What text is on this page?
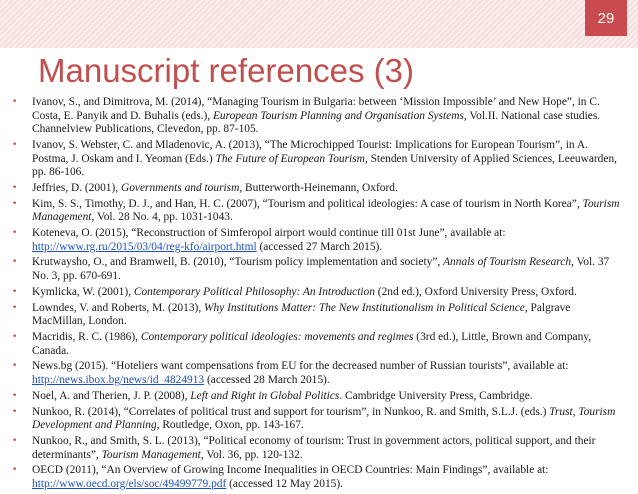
29
Manuscript references (3)
•
Ivanov, S., and Dimitrova, M. (2014), “Managing Tourism in Bulgaria: between ‘Mission Impossible’ and New Hope”, in C. Costa, E. Panyik and D. Buhalis (eds.), European Tourism Planning and Organisation Systems, Vol.II. National case studies. Channelview Publications, Clevedon, pp. 87-105.
•
Ivanov, S. Webster, C. and Mladenovic, A. (2013), “The Microchipped Tourist: Implications for European Tourism”, in A. Postma, J. Oskam and I. Yeoman (Eds.) The Future of European Tourism, Stenden University of Applied Sciences, Leeuwarden, pp. 86-106.
•
Jeffries, D. (2001), Governments and tourism, Butterworth-Heinemann, Oxford.
•
Kim, S. S., Timothy, D. J., and Han, H. C. (2007), “Tourism and political ideologies: A case of tourism in North Korea”, Tourism Management, Vol. 28 No. 4, pp. 1031-1043.
•
Koteneva, O. (2015), “Reconstruction of Simferopol airport would continue till 01st June”, available at: http://www.rg.ru/2015/03/04/reg-kfo/airport.html (accessed 27 March 2015).
•
Krutwaysho, O., and Bramwell, B. (2010), “Tourism policy implementation and society”, Annals of Tourism Research, Vol. 37 No. 3, pp. 670-691.
•
Kymlicka, W. (2001), Contemporary Political Philosophy: An Introduction (2nd ed.), Oxford University Press, Oxford.
•
Lowndes, V. and Roberts, M. (2013), Why Institutions Matter: The New Institutionalism in Political Science, Palgrave MacMillan, London.
•
Macridis, R. C. (1986), Contemporary political ideologies: movements and regimes (3rd ed.), Little, Brown and Company, Canada.
•
News.bg (2015). “Hoteliers want compensations from EU for the decreased number of Russian tourists”, available at: http://news.ibox.bg/news/id_4824913 (accessed 28 March 2015).
•
Noel, A. and Therien, J. P. (2008), Left and Right in Global Politics. Cambridge University Press, Cambridge.
•
Nunkoo, R. (2014), “Correlates of political trust and support for tourism”, in Nunkoo, R. and Smith, S.L.J. (eds.) Trust, Tourism Development and Planning, Routledge, Oxon, pp. 143-167.
•
Nunkoo, R., and Smith, S. L. (2013), “Political economy of tourism: Trust in government actors, political support, and their determinants”, Tourism Management, Vol. 36, pp. 120-132.
•
OECD (2011), “An Overview of Growing Income Inequalities in OECD Countries: Main Findings”, available at: http://www.oecd.org/els/soc/49499779.pdf (accessed 12 May 2015).
